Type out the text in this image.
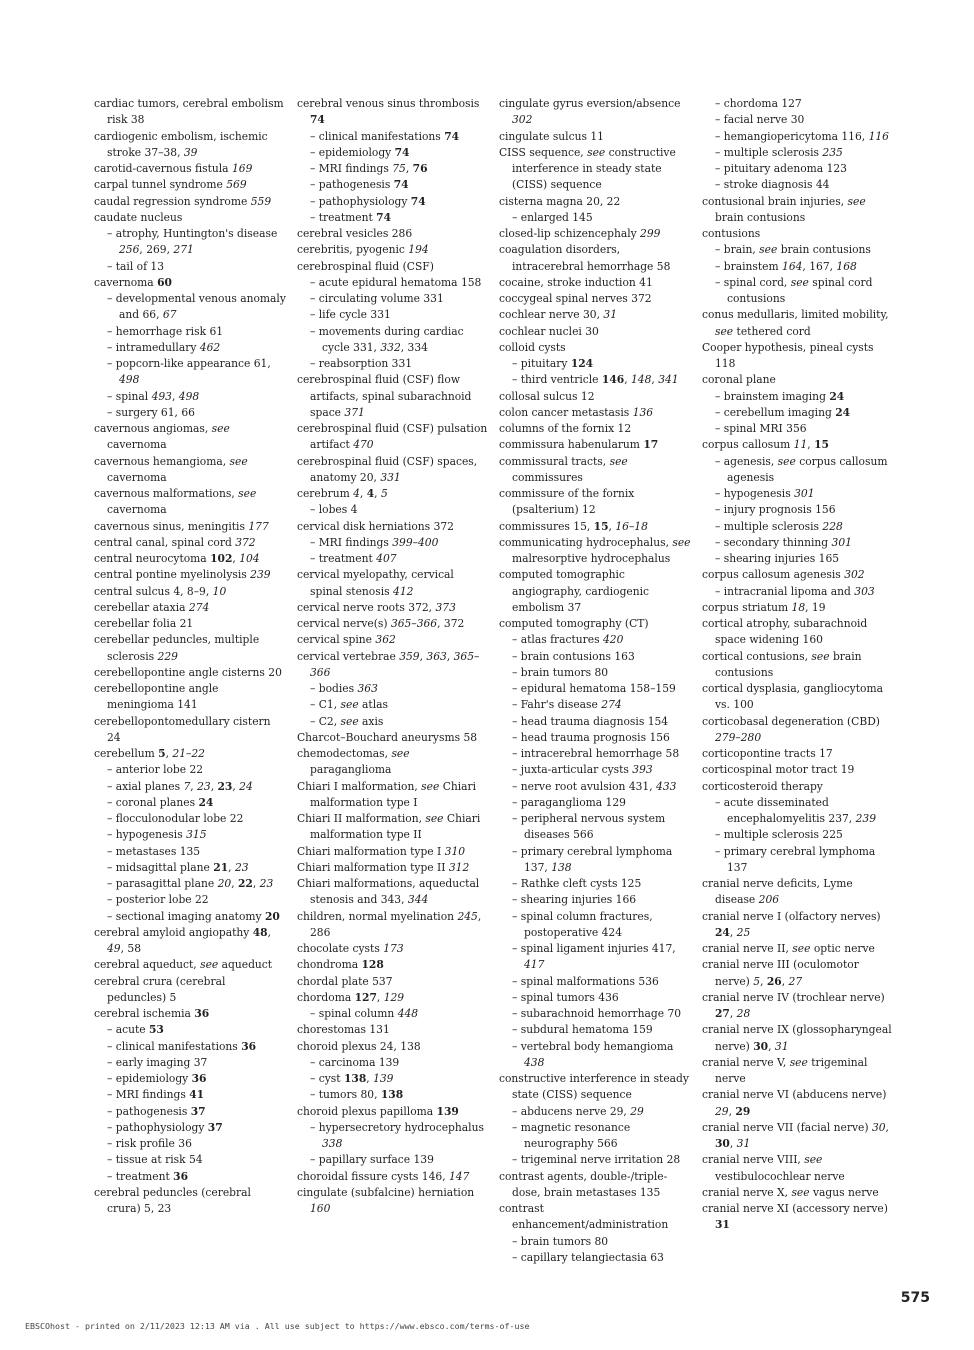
cardiac tumors, cerebral embolism risk 38
cardiogenic embolism, ischemic stroke 37–38, 39
carotid-cavernous fistula 169
carpal tunnel syndrome 569
caudal regression syndrome 559
caudate nucleus
– atrophy, Huntington's disease 256, 269, 271
– tail of 13
cavernoma 60
– developmental venous anomaly and 66, 67
– hemorrhage risk 61
– intramedullary 462
– popcorn-like appearance 61, 498
– spinal 493, 498
– surgery 61, 66
cavernous angiomas, see cavernoma
cavernous hemangioma, see cavernoma
cavernous malformations, see cavernoma
cavernous sinus, meningitis 177
central canal, spinal cord 372
central neurocytoma 102, 104
central pontine myelinolysis 239
central sulcus 4, 8–9, 10
cerebellar ataxia 274
cerebellar folia 21
cerebellar peduncles, multiple sclerosis 229
cerebellopontine angle cisterns 20
cerebellopontine angle meningioma 141
cerebellopontomedullary cistern 24
cerebellum 5, 21–22
– anterior lobe 22
– axial planes 7, 23, 23, 24
– coronal planes 24
– flocculonodular lobe 22
– hypogenesis 315
– metastases 135
– midsagittal plane 21, 23
– parasagittal plane 20, 22, 23
– posterior lobe 22
– sectional imaging anatomy 20
cerebral amyloid angiopathy 48, 49, 58
cerebral aqueduct, see aqueduct
cerebral crura (cerebral peduncles) 5
cerebral ischemia 36
– acute 53
– clinical manifestations 36
– early imaging 37
– epidemiology 36
– MRI findings 41
– pathogenesis 37
– pathophysiology 37
– risk profile 36
– tissue at risk 54
– treatment 36
cerebral peduncles (cerebral crura) 5, 23
cerebral venous sinus thrombosis 74
– clinical manifestations 74
– epidemiology 74
– MRI findings 75, 76
– pathogenesis 74
– pathophysiology 74
– treatment 74
cerebral vesicles 286
cerebritis, pyogenic 194
cerebrospinal fluid (CSF)
– acute epidural hematoma 158
– circulating volume 331
– life cycle 331
– movements during cardiac cycle 331, 332, 334
– reabsorption 331
cerebrospinal fluid (CSF) flow artifacts, spinal subarachnoid space 371
cerebrospinal fluid (CSF) pulsation artifact 470
cerebrospinal fluid (CSF) spaces, anatomy 20, 331
cerebrum 4, 4, 5
– lobes 4
cervical disk herniations 372
– MRI findings 399–400
– treatment 407
cervical myelopathy, cervical spinal stenosis 412
cervical nerve roots 372, 373
cervical nerve(s) 365–366, 372
cervical spine 362
cervical vertebrae 359, 363, 365–366
– bodies 363
– C1, see atlas
– C2, see axis
Charcot–Bouchard aneurysms 58
chemodectomas, see paraganglioma
Chiari I malformation, see Chiari malformation type I
Chiari II malformation, see Chiari malformation type II
Chiari malformation type I 310
Chiari malformation type II 312
Chiari malformations, aqueductal stenosis and 343, 344
children, normal myelination 245, 286
chocolate cysts 173
chondroma 128
chordal plate 537
chordoma 127, 129
– spinal column 448
chorestomas 131
choroid plexus 24, 138
– carcinoma 139
– cyst 138, 139
– tumors 80, 138
choroid plexus papilloma 139
– hypersecretory hydrocephalus 338
– papillary surface 139
choroidal fissure cysts 146, 147
cingulate (subfalcine) herniation 160
cingulate gyrus eversion/absence 302
cingulate sulcus 11
CISS sequence, see constructive interference in steady state (CISS) sequence
cisterna magna 20, 22
– enlarged 145
closed-lip schizencephaly 299
coagulation disorders, intracerebral hemorrhage 58
cocaine, stroke induction 41
coccygeal spinal nerves 372
cochlear nerve 30, 31
cochlear nuclei 30
colloid cysts
– pituitary 124
– third ventricle 146, 148, 341
collosal sulcus 12
colon cancer metastasis 136
columns of the fornix 12
commissura habenularum 17
commissural tracts, see commissures
commissure of the fornix (psalterium) 12
commissures 15, 15, 16–18
communicating hydrocephalus, see malresorptive hydrocephalus
computed tomographic angiography, cardiogenic embolism 37
computed tomography (CT)
– atlas fractures 420
– brain contusions 163
– brain tumors 80
– epidural hematoma 158–159
– Fahr's disease 274
– head trauma diagnosis 154
– head trauma prognosis 156
– intracerebral hemorrhage 58
– juxta-articular cysts 393
– nerve root avulsion 431, 433
– paraganglioma 129
– peripheral nervous system diseases 566
– primary cerebral lymphoma 137, 138
– Rathke cleft cysts 125
– shearing injuries 166
– spinal column fractures, postoperative 424
– spinal ligament injuries 417, 417
– spinal malformations 536
– spinal tumors 436
– subarachnoid hemorrhage 70
– subdural hematoma 159
– vertebral body hemangioma 438
constructive interference in steady state (CISS) sequence
– abducens nerve 29, 29
– magnetic resonance neurography 566
– trigeminal nerve irritation 28
contrast agents, double-/triple-dose, brain metastases 135
contrast enhancement/administration
– brain tumors 80
– capillary telangiectasia 63
– chordoma 127
– facial nerve 30
– hemangiopericytoma 116, 116
– multiple sclerosis 235
– pituitary adenoma 123
– stroke diagnosis 44
contusional brain injuries, see brain contusions
contusions
– brain, see brain contusions
– brainstem 164, 167, 168
– spinal cord, see spinal cord contusions
conus medullaris, limited mobility, see tethered cord
Cooper hypothesis, pineal cysts 118
coronal plane
– brainstem imaging 24
– cerebellum imaging 24
– spinal MRI 356
corpus callosum 11, 15
– agenesis, see corpus callosum agenesis
– hypogenesis 301
– injury prognosis 156
– multiple sclerosis 228
– secondary thinning 301
– shearing injuries 165
corpus callosum agenesis 302
– intracranial lipoma and 303
corpus striatum 18, 19
cortical atrophy, subarachnoid space widening 160
cortical contusions, see brain contusions
cortical dysplasia, gangliocytoma vs. 100
corticobasal degeneration (CBD) 279–280
corticopontine tracts 17
corticospinal motor tract 19
corticosteroid therapy
– acute disseminated encephalomyelitis 237, 239
– multiple sclerosis 225
– primary cerebral lymphoma 137
cranial nerve deficits, Lyme disease 206
cranial nerve I (olfactory nerves) 24, 25
cranial nerve II, see optic nerve
cranial nerve III (oculomotor nerve) 5, 26, 27
cranial nerve IV (trochlear nerve) 27, 28
cranial nerve IX (glossopharyngeal nerve) 30, 31
cranial nerve V, see trigeminal nerve
cranial nerve VI (abducens nerve) 29, 29
cranial nerve VII (facial nerve) 30, 30, 31
cranial nerve VIII, see vestibulocochlear nerve
cranial nerve X, see vagus nerve
cranial nerve XI (accessory nerve) 31
575
EBSCOhost - printed on 2/11/2023 12:13 AM via . All use subject to https://www.ebsco.com/terms-of-use
